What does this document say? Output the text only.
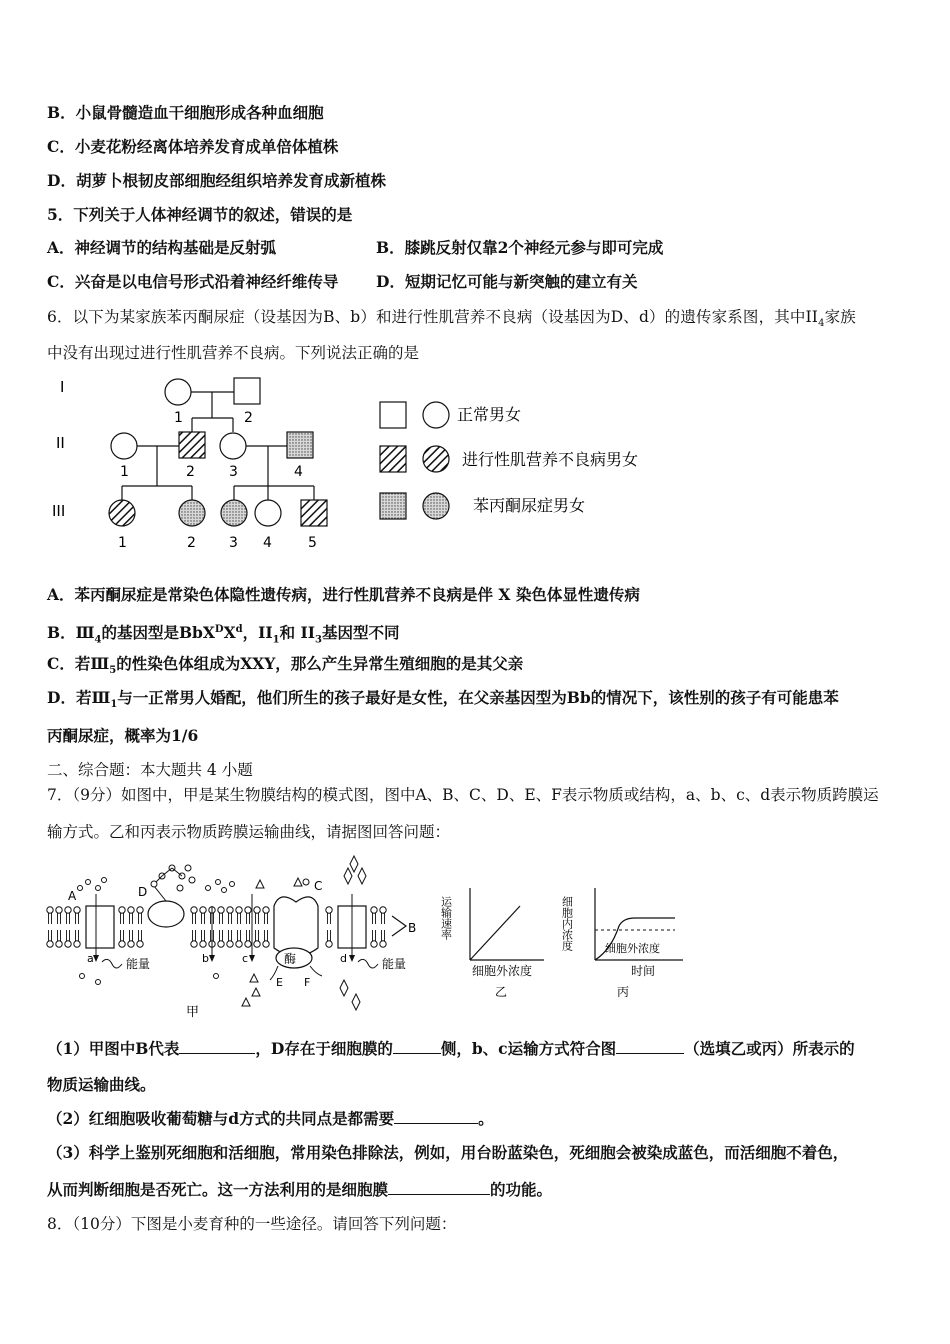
B．小鼠骨髓造血干细胞形成各种血细胞
C．小麦花粉经离体培养发育成单倍体植株
D．胡萝卜根韧皮部细胞经组织培养发育成新植株
5．下列关于人体神经调节的叙述，错误的是
A．神经调节的结构基础是反射弧	B．膝跳反射仅靠2个神经元参与即可完成
C．兴奋是以电信号形式沿着神经纤维传导 D．短期记忆可能与新突触的建立有关
6．以下为某家族苯丙酮尿症（设基因为B、b）和进行性肌营养不良病（设基因为D、d）的遗传家系图，其中$II_4$家族
中没有出现过进行性肌营养不良病。下列说法正确的是
I
II
III
1	2
1	2 3	4
1	2 3 4	5
正常男女
进行性肌营养不良病男女
苯丙酮尿症男女
A．苯丙酮尿症是常染色体隐性遗传病，进行性肌营养不良病是伴 X 染色体显性遗传病
B．$Ⅲ_4$的基因型是$BbX^DX^d$，$II_1$和 $II_3$基因型不同
C．若$Ⅲ_5$的性染色体组成为XXY，那么产生异常生殖细胞的是其父亲
D．若$Ⅲ_1$与一正常男人婚配，他们所生的孩子最好是女性，在父亲基因型为Bb的情况下，该性别的孩子有可能患苯
丙酮尿症，概率为1/6
二、综合题：本大题共 4 小题
7．（9分）如图中，甲是某生物膜结构的模式图，图中A、B、C、D、E、F表示物质或结构，a、b、c、d表示物质跨膜运
输方式。乙和丙表示物质跨膜运输曲线，请据图回答问题：
A
a	能量
D
b	c
C
酶
E F
d	能量
B
甲
运输速率
细胞外浓度
乙
细胞内浓度	细胞外浓度
时间
丙
（1）甲图中B代表	，D存在于细胞膜的	侧，b、c运输方式符合图	（选填乙或丙）所表示的
物质运输曲线。
（2）红细胞吸收葡萄糖与d方式的共同点是都需要	。
（3）科学上鉴别死细胞和活细胞，常用染色排除法，例如，用台盼蓝染色，死细胞会被染成蓝色，而活细胞不着色，
从而判断细胞是否死亡。这一方法利用的是细胞膜	的功能。
8．（10分）下图是小麦育种的一些途径。请回答下列问题：
